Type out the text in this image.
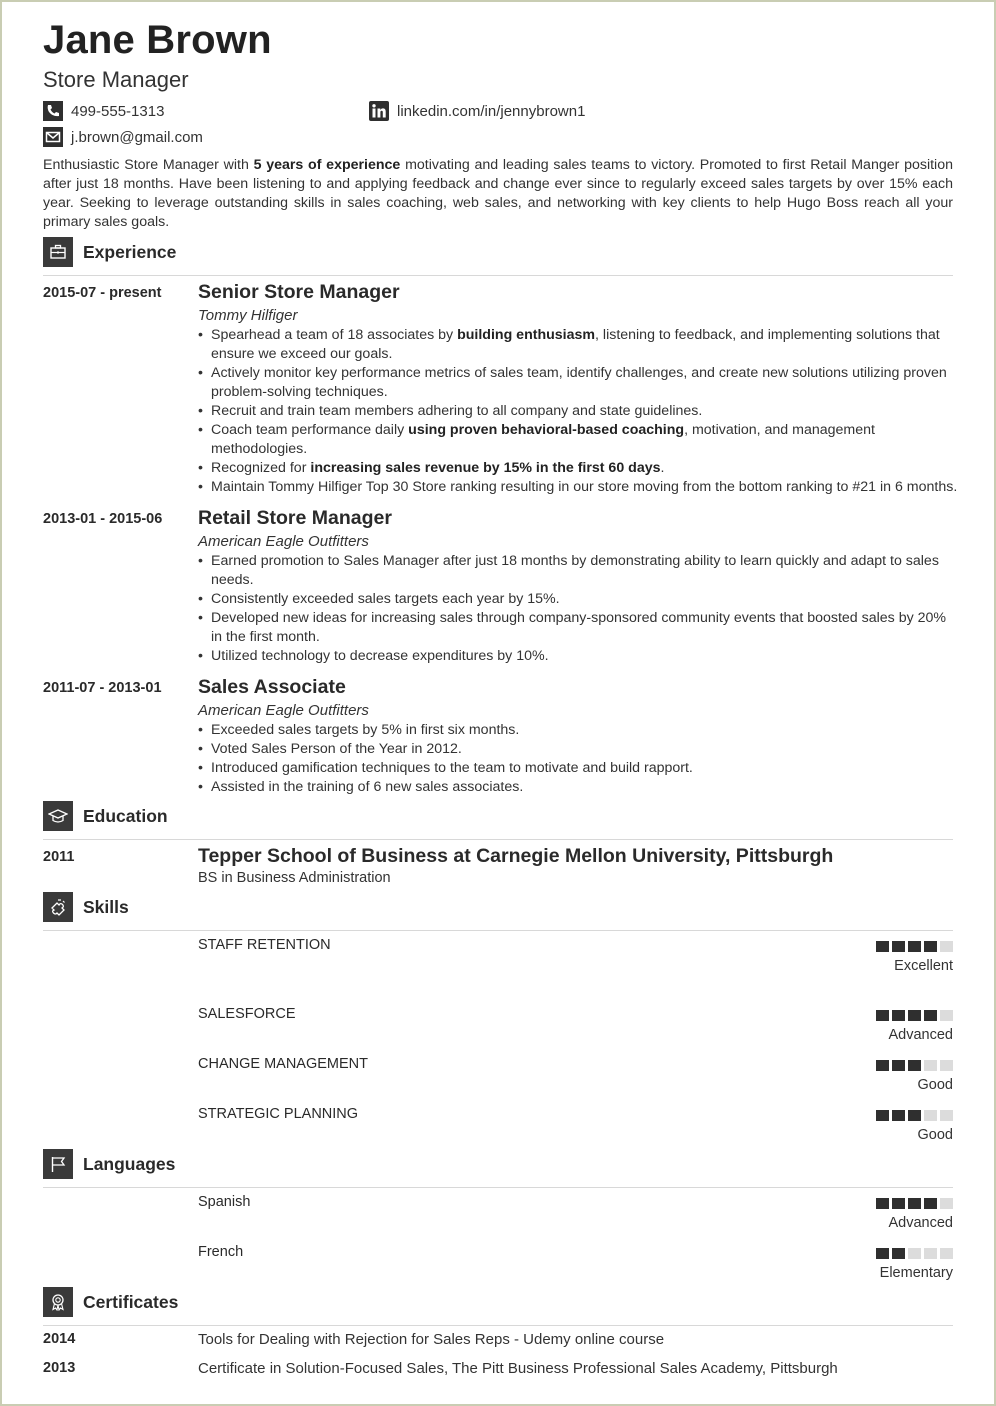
Jane Brown
Store Manager
499-555-1313	linkedin.com/in/jennybrown1
j.brown@gmail.com
Enthusiastic Store Manager with 5 years of experience motivating and leading sales teams to victory. Promoted to first Retail Manger position after just 18 months. Have been listening to and applying feedback and change ever since to regularly exceed sales targets by over 15% each year. Seeking to leverage outstanding skills in sales coaching, web sales, and networking with key clients to help Hugo Boss reach all your primary sales goals.
Experience
2015-07 - present Senior Store Manager
Tommy Hilfiger
• Spearhead a team of 18 associates by building enthusiasm, listening to feedback, and implementing solutions that ensure we exceed our goals.
• Actively monitor key performance metrics of sales team, identify challenges, and create new solutions utilizing proven problem-solving techniques.
• Recruit and train team members adhering to all company and state guidelines.
• Coach team performance daily using proven behavioral-based coaching, motivation, and management methodologies.
• Recognized for increasing sales revenue by 15% in the first 60 days.
• Maintain Tommy Hilfiger Top 30 Store ranking resulting in our store moving from the bottom ranking to #21 in 6 months.
2013-01 - 2015-06 Retail Store Manager
American Eagle Outfitters
• Earned promotion to Sales Manager after just 18 months by demonstrating ability to learn quickly and adapt to sales needs.
• Consistently exceeded sales targets each year by 15%.
• Developed new ideas for increasing sales through company-sponsored community events that boosted sales by 20% in the first month.
• Utilized technology to decrease expenditures by 10%.
2011-07 - 2013-01 Sales Associate
American Eagle Outfitters
• Exceeded sales targets by 5% in first six months.
• Voted Sales Person of the Year in 2012.
• Introduced gamification techniques to the team to motivate and build rapport.
• Assisted in the training of 6 new sales associates.
Education
2011	Tepper School of Business at Carnegie Mellon University, Pittsburgh
BS in Business Administration
Skills
STAFF RETENTION
Excellent
SALESFORCE
Advanced
CHANGE MANAGEMENT
Good
STRATEGIC PLANNING
Good
Languages
Spanish
Advanced
French
Elementary
Certificates
2014	Tools for Dealing with Rejection for Sales Reps - Udemy online course
2013	Certificate in Solution-Focused Sales, The Pitt Business Professional Sales Academy, Pittsburgh
